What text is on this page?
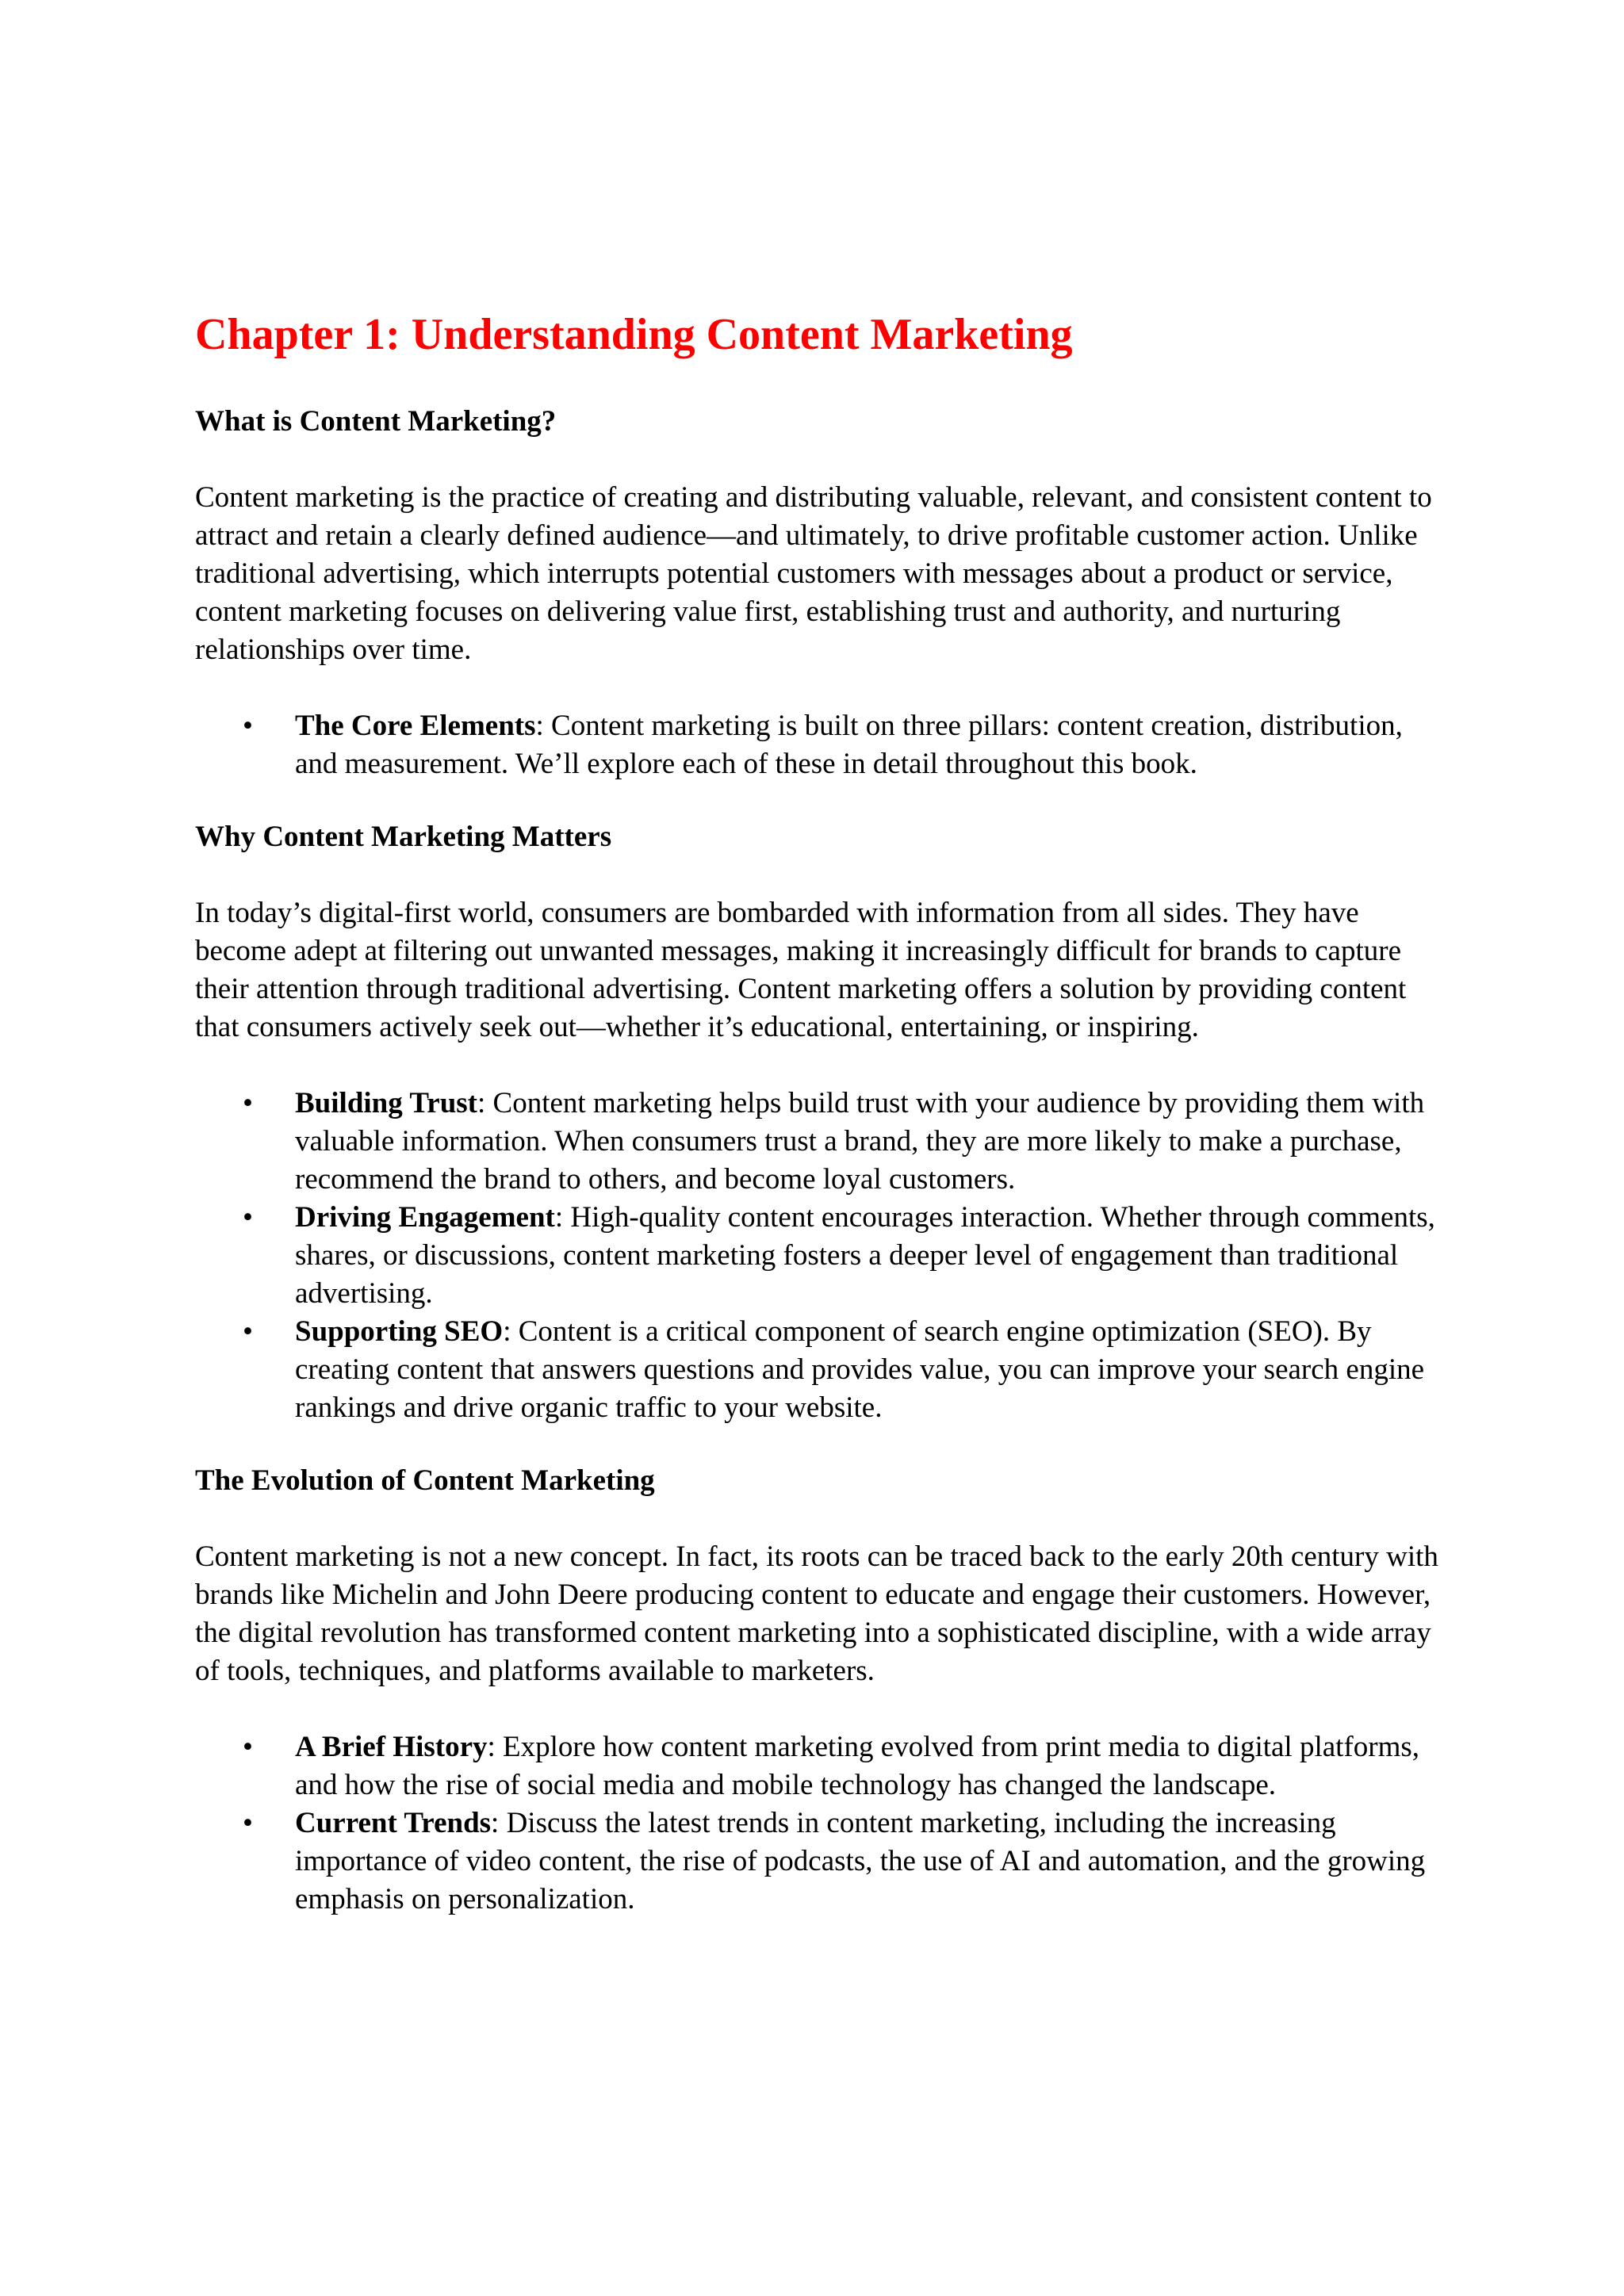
Chapter 1: Understanding Content Marketing
What is Content Marketing?

Content marketing is the practice of creating and distributing valuable, relevant, and consistent content to attract and retain a clearly defined audience—and ultimately, to drive profitable customer action. Unlike traditional advertising, which interrupts potential customers with messages about a product or service, content marketing focuses on delivering value first, establishing trust and authority, and nurturing relationships over time.

•	The Core Elements: Content marketing is built on three pillars: content creation, distribution, and measurement. We’ll explore each of these in detail throughout this book.
Why Content Marketing Matters

In today’s digital-first world, consumers are bombarded with information from all sides. They have become adept at filtering out unwanted messages, making it increasingly difficult for brands to capture their attention through traditional advertising. Content marketing offers a solution by providing content that consumers actively seek out—whether it’s educational, entertaining, or inspiring.

•	Building Trust: Content marketing helps build trust with your audience by providing them with valuable information. When consumers trust a brand, they are more likely to make a purchase, recommend the brand to others, and become loyal customers.
•	Driving Engagement: High-quality content encourages interaction. Whether through comments, shares, or discussions, content marketing fosters a deeper level of engagement than traditional advertising.
•	Supporting SEO: Content is a critical component of search engine optimization (SEO). By creating content that answers questions and provides value, you can improve your search engine rankings and drive organic traffic to your website.
The Evolution of Content Marketing

Content marketing is not a new concept. In fact, its roots can be traced back to the early 20th century with brands like Michelin and John Deere producing content to educate and engage their customers. However, the digital revolution has transformed content marketing into a sophisticated discipline, with a wide array of tools, techniques, and platforms available to marketers.

•	A Brief History: Explore how content marketing evolved from print media to digital platforms, and how the rise of social media and mobile technology has changed the landscape.
•	Current Trends: Discuss the latest trends in content marketing, including the increasing importance of video content, the rise of podcasts, the use of AI and automation, and the growing emphasis on personalization.
